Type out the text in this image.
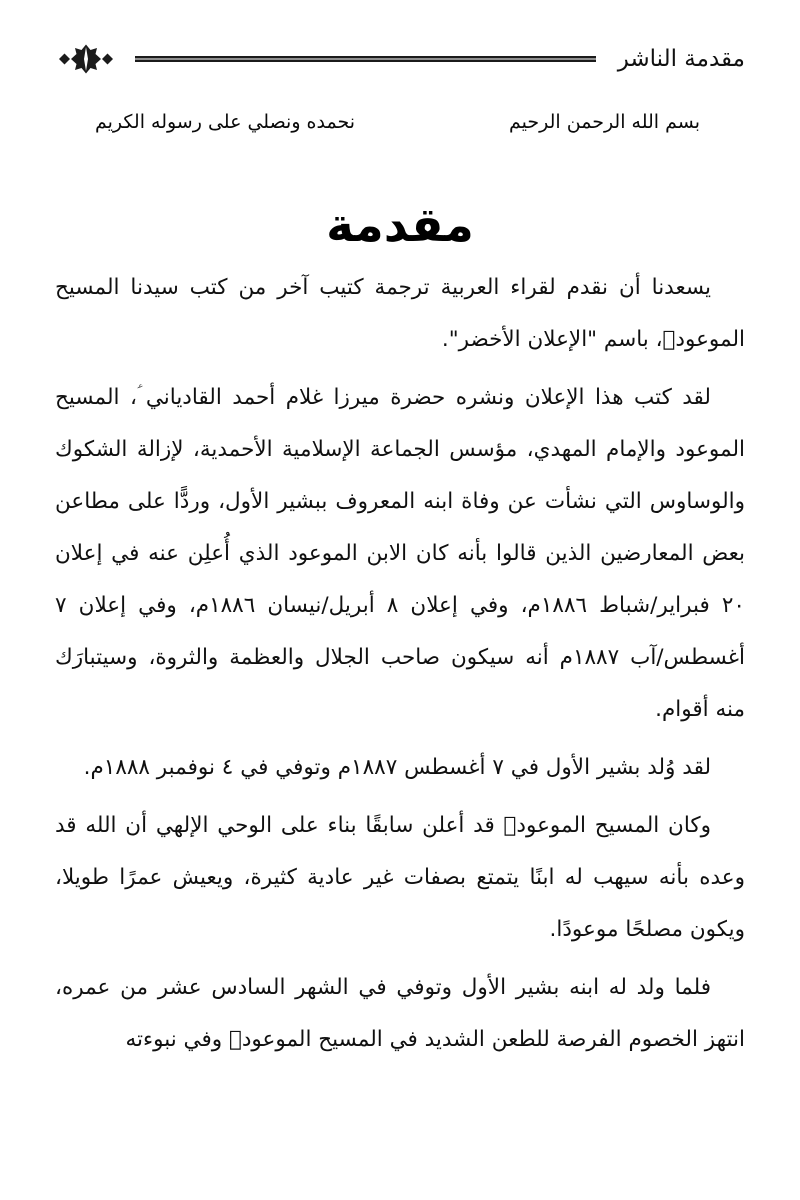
مقدمة الناشر
بسم الله الرحمن الرحيم
نحمده ونصلي على رسوله الكريم
مقدمة

يسعدنا أن نقدم لقراء العربية ترجمة كتيب آخر من كتب سيدنا المسيح الموعودؑ، باسم "الإعلان الأخضر".

لقد كتب هذا الإعلان ونشره حضرة ميرزا غلام أحمد القادياني ؑ، المسيح الموعود والإمام المهدي، مؤسس الجماعة الإسلامية الأحمدية، لإزالة الشكوك والوساوس التي نشأت عن وفاة ابنه المعروف ببشير الأول، وردًّا على مطاعن بعض المعارضين الذين قالوا بأنه كان الابن الموعود الذي أُعلِن عنه في إعلان ٢٠ فبراير/شباط ١٨٨٦م، وفي إعلان ٨ أبريل/نيسان ١٨٨٦م، وفي إعلان ٧ أغسطس/آب ١٨٨٧م أنه سيكون صاحب الجلال والعظمة والثروة، وسيتبارَك منه أقوام.

لقد وُلد بشير الأول في ٧ أغسطس ١٨٨٧م وتوفي في ٤ نوفمبر ١٨٨٨م.

وكان المسيح الموعودؑ قد أعلن سابقًا بناء على الوحي الإلهي أن الله قد وعده بأنه سيهب له ابنًا يتمتع بصفات غير عادية كثيرة، ويعيش عمرًا طويلا، ويكون مصلحًا موعودًا.

فلما ولد له ابنه بشير الأول وتوفي في الشهر السادس عشر من عمره، انتهز الخصوم الفرصة للطعن الشديد في المسيح الموعودؑ وفي نبوءته
